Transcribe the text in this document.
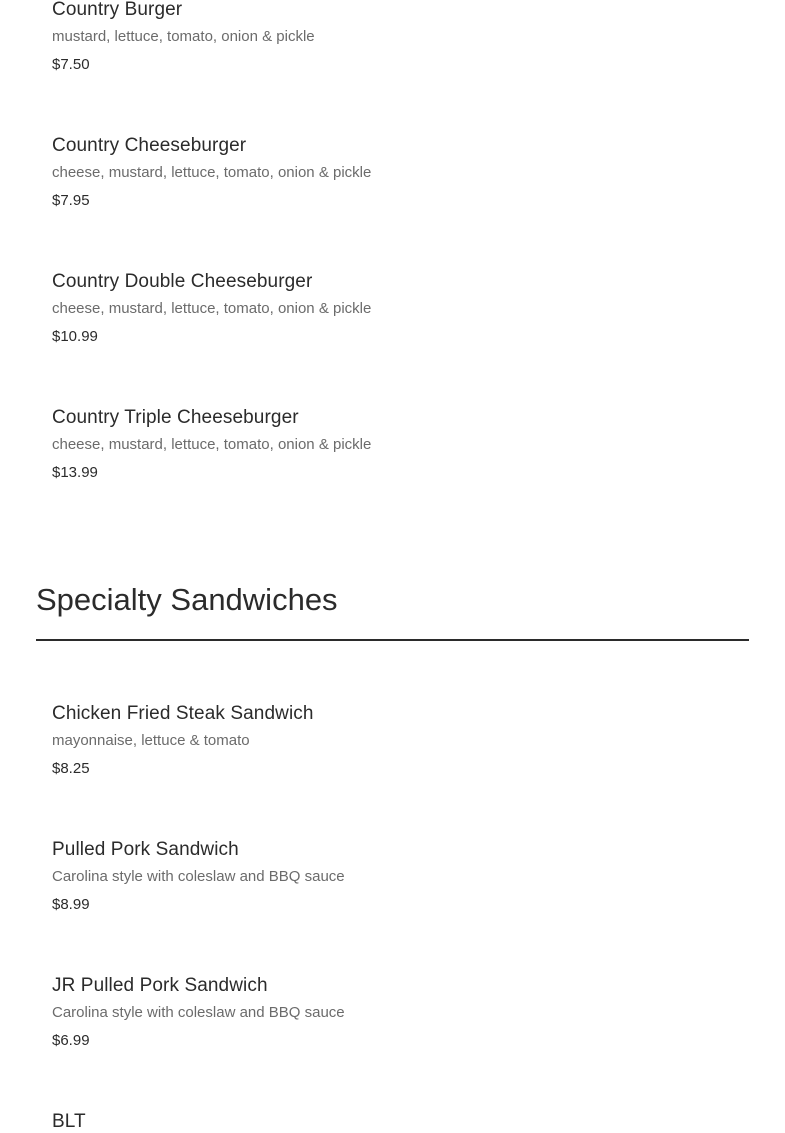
Country Burger
mustard, lettuce, tomato, onion & pickle
$7.50
Country Cheeseburger
cheese, mustard, lettuce, tomato, onion & pickle
$7.95
Country Double Cheeseburger
cheese, mustard, lettuce, tomato, onion & pickle
$10.99
Country Triple Cheeseburger
cheese, mustard, lettuce, tomato, onion & pickle
$13.99
Specialty Sandwiches
Chicken Fried Steak Sandwich
mayonnaise, lettuce & tomato
$8.25
Pulled Pork Sandwich
Carolina style with coleslaw and BBQ sauce
$8.99
JR Pulled Pork Sandwich
Carolina style with coleslaw and BBQ sauce
$6.99
BLT
